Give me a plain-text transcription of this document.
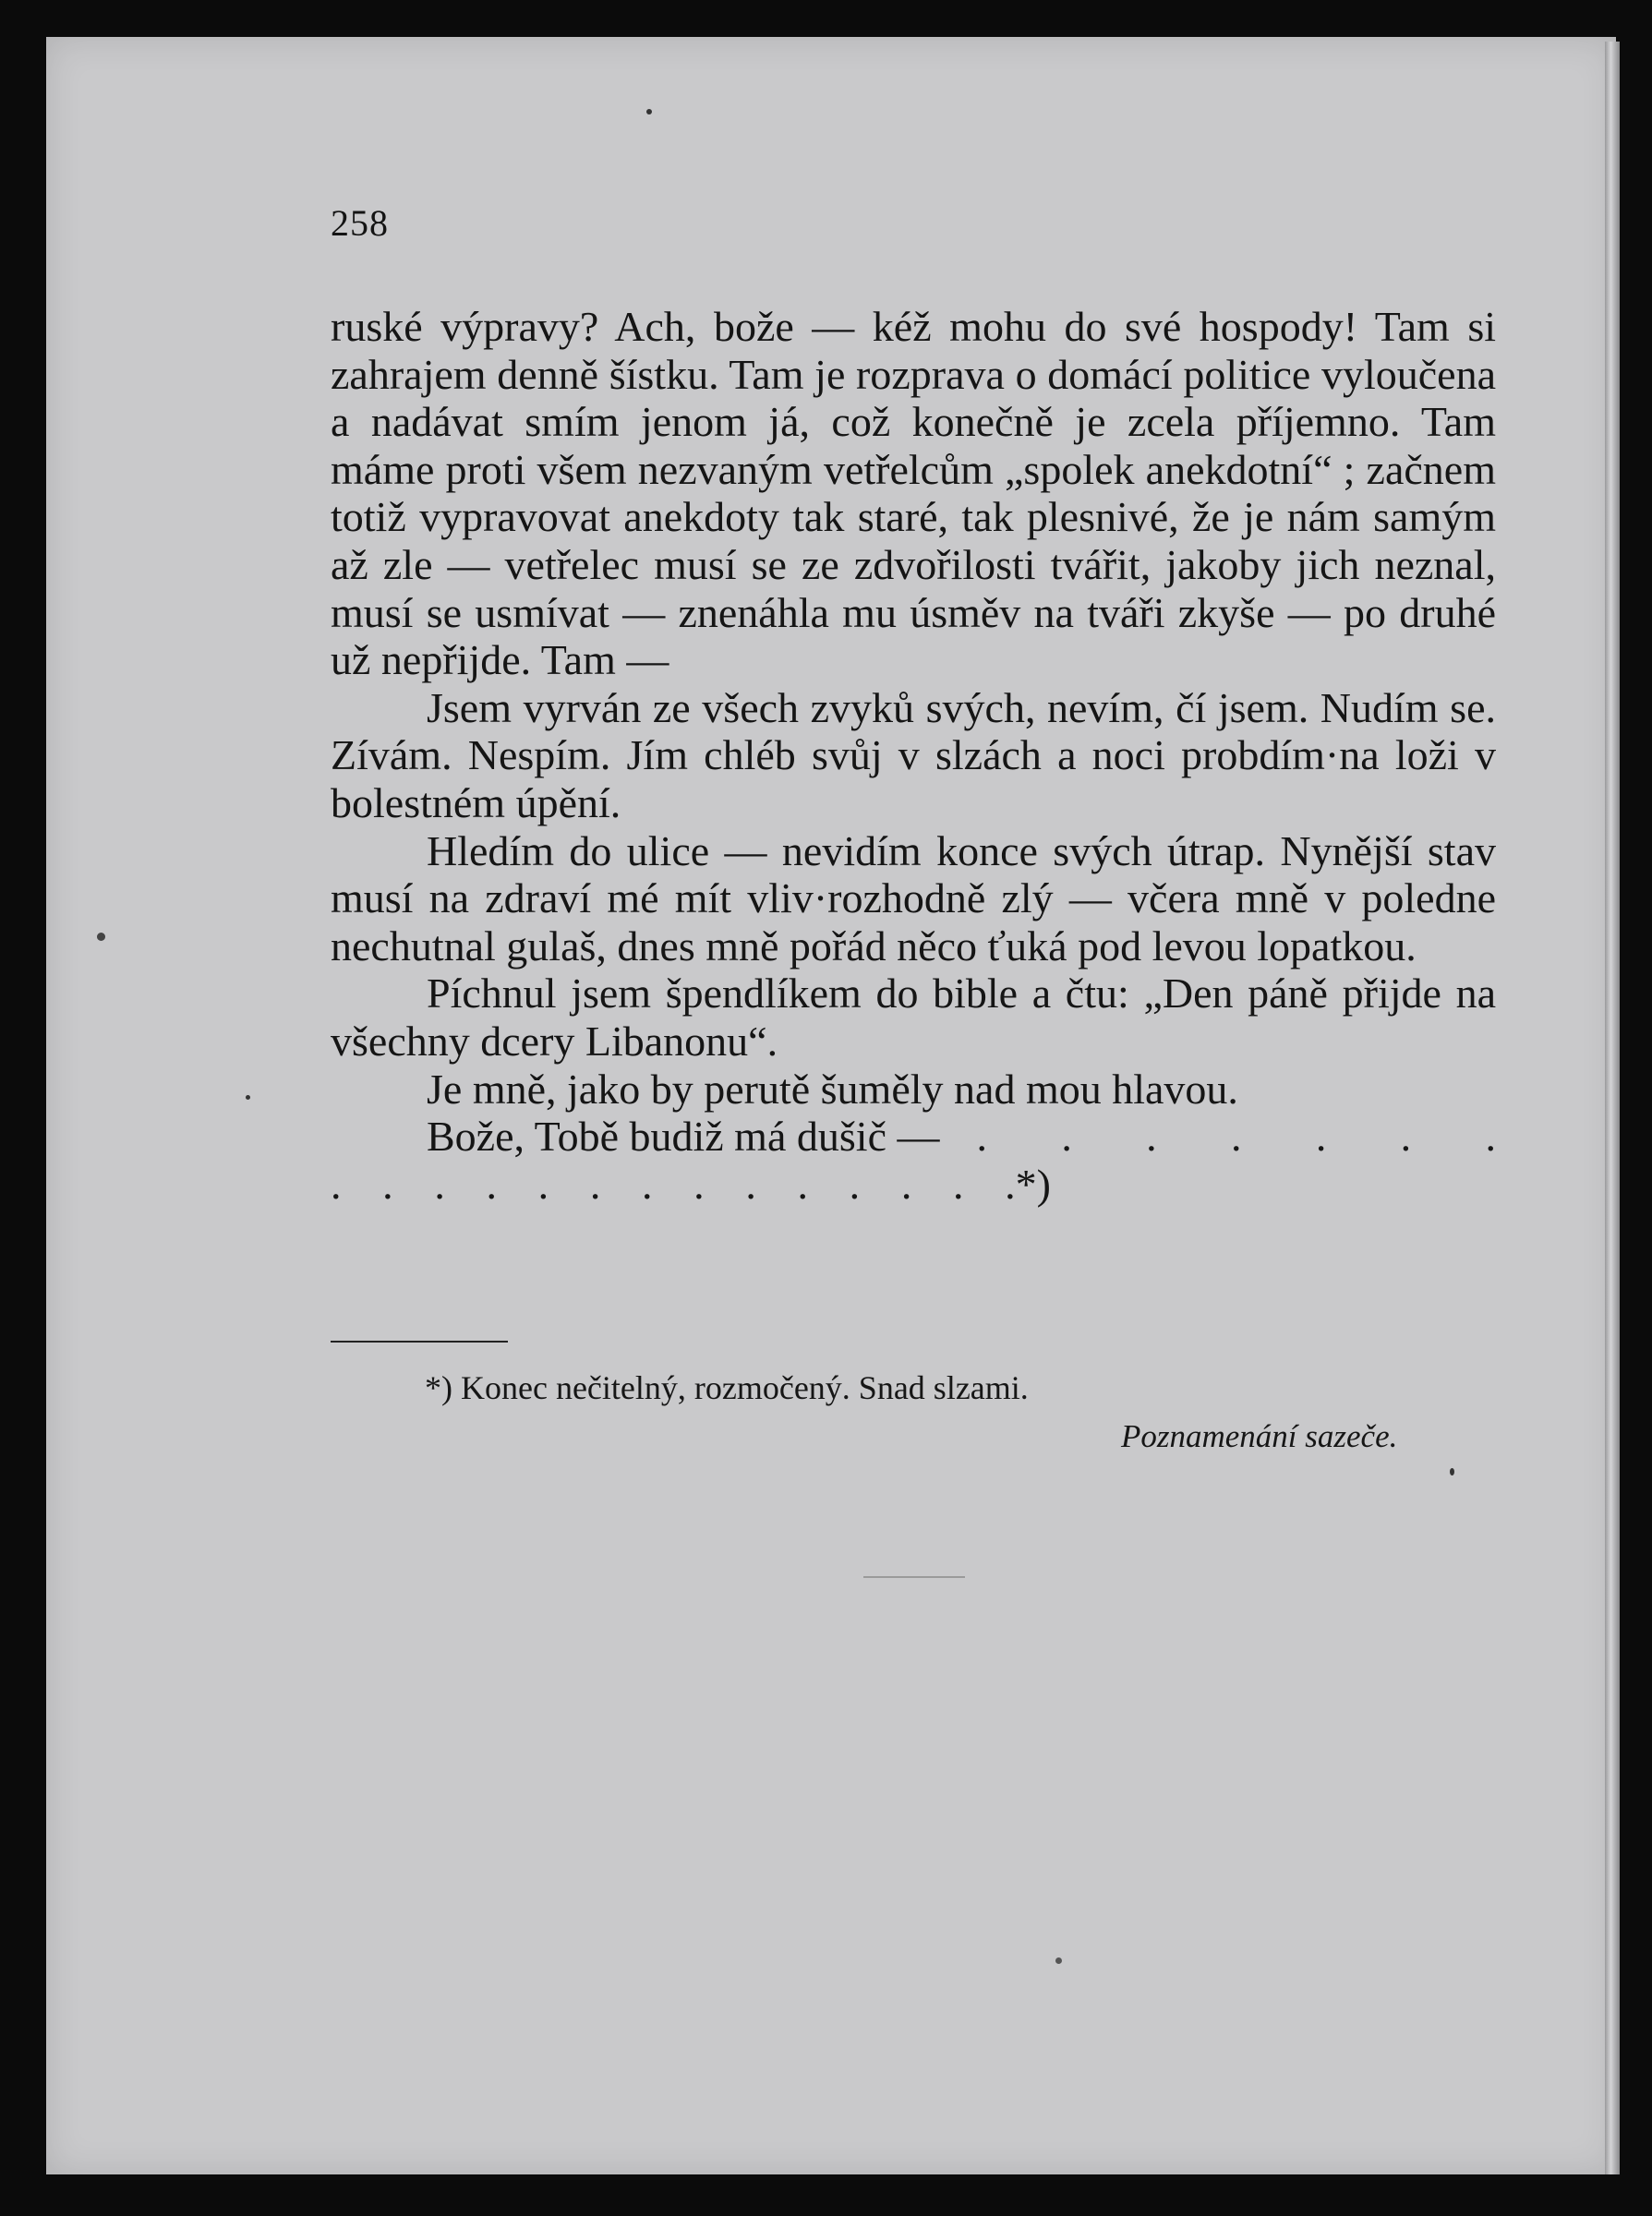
258

ruské výpravy? Ach, bože — kéž mohu do své hospody! Tam si zahrajem denně šístku. Tam je rozprava o domácí politice vyloučena a nadávat smím jenom já, což konečně je zcela příjemno. Tam máme proti všem nezvaným vetřelcům „spolek anekdotní“ ; začnem totiž vypravovat anekdoty tak staré, tak plesnivé, že je nám samým až zle — vetřelec musí se ze zdvořilosti tvářit, jakoby jich neznal, musí se usmívat — znenáhla mu úsměv na tváři zkyše — po druhé už nepřijde. Tam —

Jsem vyrván ze všech zvyků svých, nevím, čí jsem. Nudím se. Zívám. Nespím. Jím chléb svůj v slzách a noci probdím·na loži v bolestném úpění.

Hledím do ulice — nevidím konce svých útrap. Nynější stav musí na zdraví mé mít vliv·rozhodně zlý — včera mně v poledne nechutnal gulaš, dnes mně pořád něco ťuká pod levou lopatkou.

Píchnul jsem špendlíkem do bible a čtu: „Den páně přijde na všechny dcery Libanonu“.

Je mně, jako by perutě šuměly nad mou hlavou.

Bože, Tobě budiž má dušič — . . . . . . .
. . . . . . . . . . . . . .*)
*) Konec nečitelný, rozmočený. Snad slzami.
Poznamenání sazeče.
